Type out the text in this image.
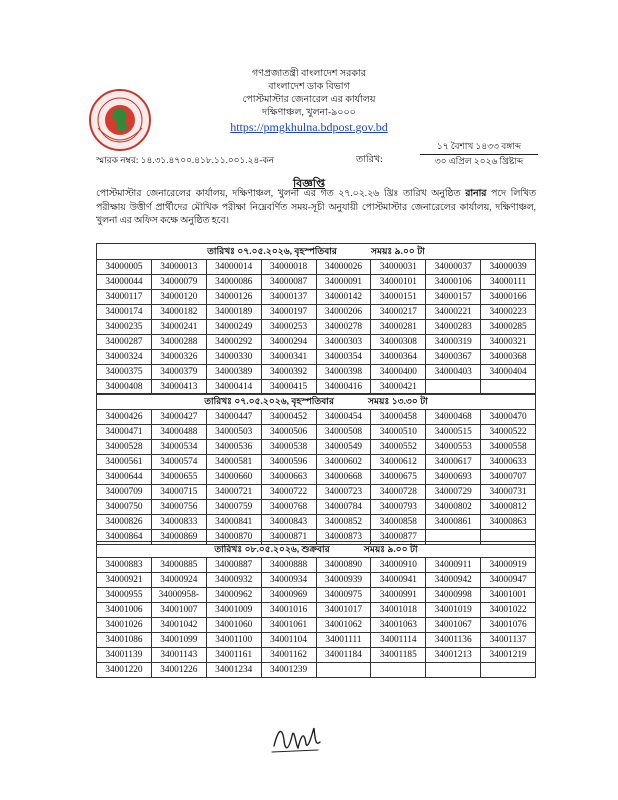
গণপ্রজাতন্ত্রী বাংলাদেশ সরকার
বাংলাদেশ ডাক বিভাগ
পোস্টমাস্টার জেনারেল এর কার্যালয়
দক্ষিণাঞ্চল, খুলনা-৯০০০
https://pmgkhulna.bdpost.gov.bd
স্মারক নম্বর: ১৪.৩১.৪৭০০.৪১৮.১১.০০১.২৪-কন	তারিখ:
১৭ বৈশাখ ১৪৩৩ বঙ্গাব্দ
৩০ এপ্রিল ২০২৬ খ্রিষ্টাব্দ
বিজ্ঞপ্তি
পোস্টমাস্টার জেনারেলের কার্যালয়, দক্ষিণাঞ্চল, খুলনা এর গত ২৭.০২.২৬ খ্রিঃ তারিখ অনুষ্ঠিত রানার পদে লিখিত পরীক্ষায় উত্তীর্ণ প্রার্থীদের মৌখিক পরীক্ষা নিম্নেবর্ণিত সময়-সূচী অনুযায়ী পোস্টমাস্টার জেনারেলের কার্যালয়, দক্ষিণাঞ্চল, খুলনা এর অফিস কক্ষে অনুষ্ঠিত হবে।
তারিখঃ ০৭.০৫.২০২৬, বৃহস্পতিবার সময়ঃ ৯.০০ টা							
34000005	34000013	34000014	34000018	34000026	34000031	34000037	34000039
34000044	34000079	34000086	34000087	34000091	34000101	34000106	34000111
34000117	34000120	34000126	34000137	34000142	34000151	34000157	34000166
34000174	34000182	34000189	34000197	34000206	34000217	34000221	34000223
34000235	34000241	34000249	34000253	34000278	34000281	34000283	34000285
34000287	34000288	34000292	34000294	34000303	34000308	34000319	34000321
34000324	34000326	34000330	34000341	34000354	34000364	34000367	34000368
34000375	34000379	34000389	34000392	34000398	34000400	34000403	34000404
34000408	34000413	34000414	34000415	34000416	34000421		
তারিখঃ ০৭.০৫.২০২৬, বৃহস্পতিবার সময়ঃ ১৩.৩০ টা							
34000426	34000427	34000447	34000452	34000454	34000458	34000468	34000470
34000471	34000488	34000503	34000506	34000508	34000510	34000515	34000522
34000528	34000534	34000536	34000538	34000549	34000552	34000553	34000558
34000561	34000574	34000581	34000596	34000602	34000612	34000617	34000633
34000644	34000655	34000660	34000663	34000668	34000675	34000693	34000707
34000709	34000715	34000721	34000722	34000723	34000728	34000729	34000731
34000750	34000756	34000759	34000768	34000784	34000793	34000802	34000812
34000826	34000833	34000841	34000843	34000852	34000858	34000861	34000863
34000864	34000869	34000870	34000871	34000873	34000877		
তারিখঃ ০৮.০৫.২০২৬, শুক্রবার সময়ঃ ৯.০০ টা							
34000883	34000885	34000887	34000888	34000890	34000910	34000911	34000919
34000921	34000924	34000932	34000934	34000939	34000941	34000942	34000947
34000955	34000958-	34000962	34000969	34000975	34000991	34000998	34001001
34001006	34001007	34001009	34001016	34001017	34001018	34001019	34001022
34001026	34001042	34001060	34001061	34001062	34001063	34001067	34001076
34001086	34001099	34001100	34001104	34001111	34001114	34001136	34001137
34001139	34001143	34001161	34001162	34001184	34001185	34001213	34001219
34001220	34001226	34001234	34001239				
